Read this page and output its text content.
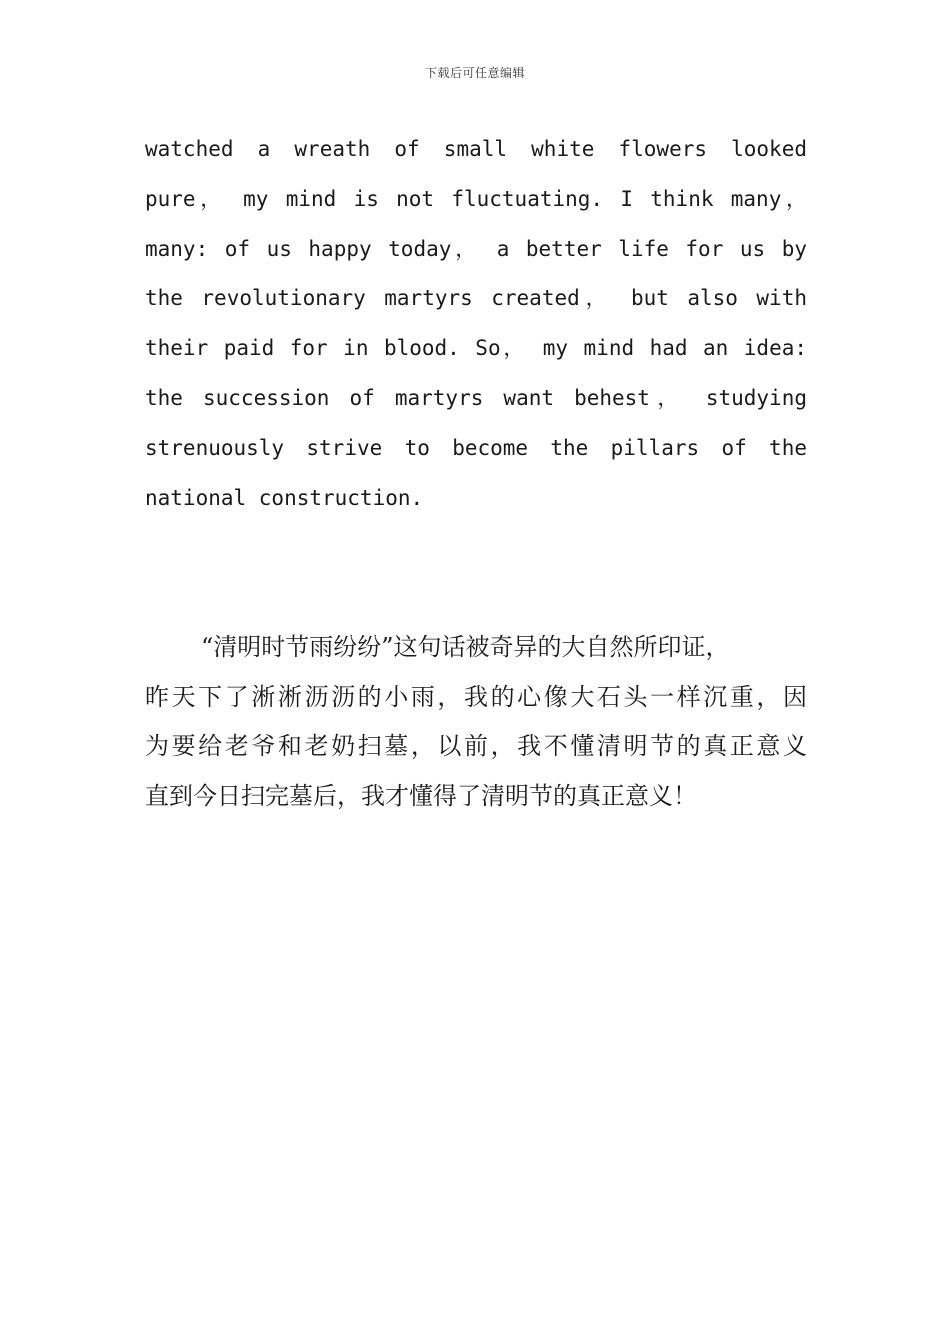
下载后可任意编辑
watched a wreath of small white flowers looked
pure， my mind is not fluctuating. I think many，
many: of us happy today， a better life for us by
the revolutionary martyrs created， but also with
their paid for in blood. So， my mind had an idea:
the succession of martyrs want behest， studying
strenuously strive to become the pillars of the
national construction.
“清明时节雨纷纷”这句话被奇异的大自然所印证，
昨天下了淅淅沥沥的小雨，我的心像大石头一样沉重，因
为要给老爷和老奶扫墓，以前，我不懂清明节的真正意义
直到今日扫完墓后，我才懂得了清明节的真正意义！
